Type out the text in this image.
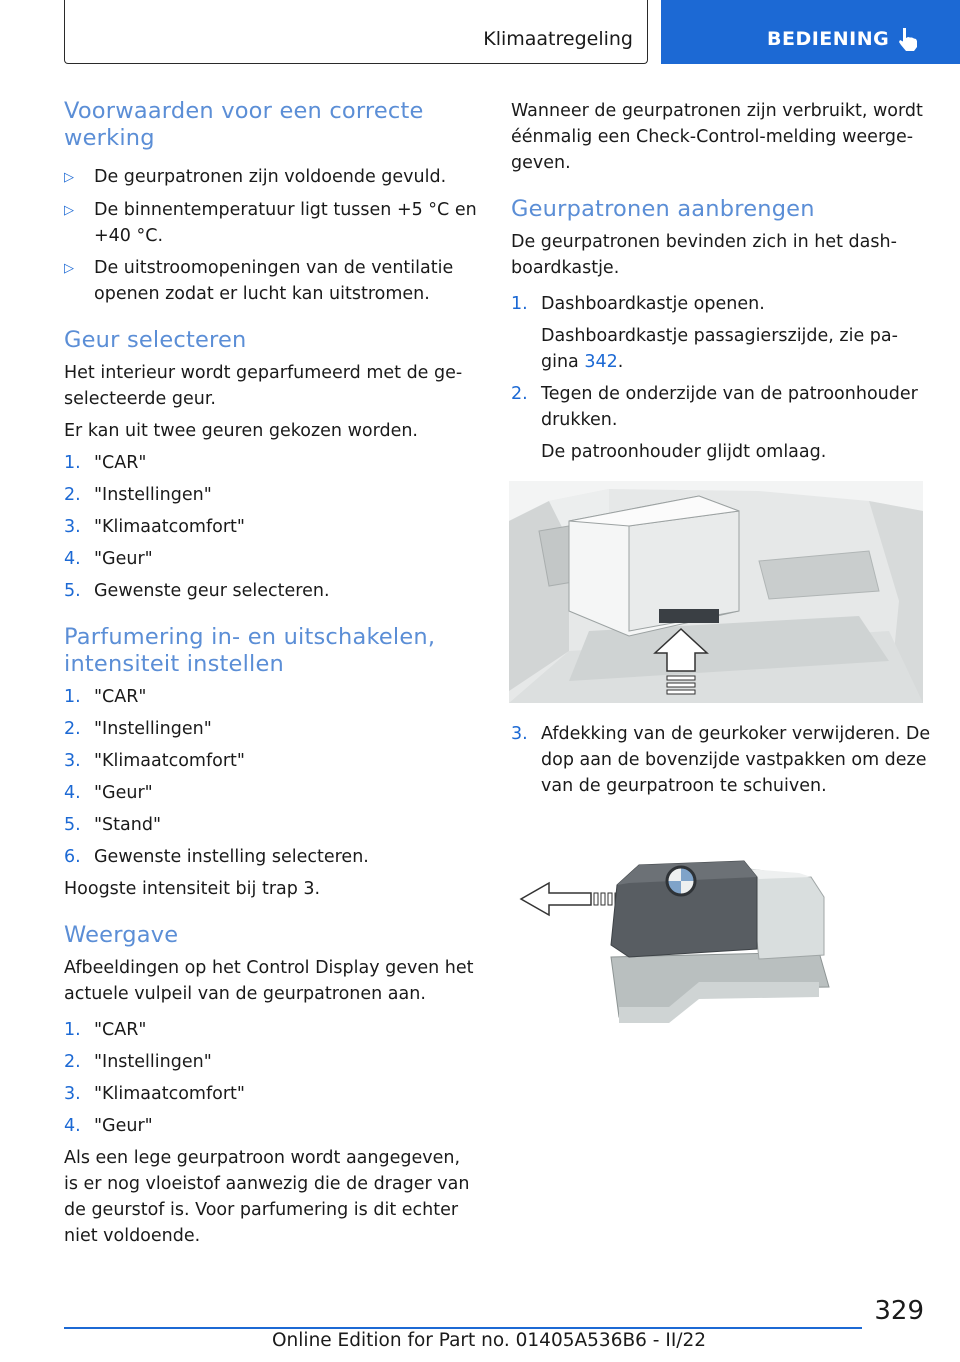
Klimaatregeling	BEDIENING
Voorwaarden voor een correcte werking
▷	De geurpatronen zijn voldoende gevuld.
▷	De binnentemperatuur ligt tussen +5 °C en +40 °C.
▷	De uitstroomopeningen van de ventilatie openen zodat er lucht kan uitstromen.
Geur selecteren

Het interieur wordt geparfumeerd met de ge-selecteerde geur.

Er kan uit twee geuren gekozen worden.

1. "CAR"
2. "Instellingen"
3. "Klimaatcomfort"
4. "Geur"
5. Gewenste geur selecteren.
Parfumering in- en uitschakelen, intensiteit instellen
1. "CAR"
2. "Instellingen"
3. "Klimaatcomfort"
4. "Geur"
5. "Stand"
6. Gewenste instelling selecteren.

Hoogste intensiteit bij trap 3.

Weergave

Afbeeldingen op het Control Display geven het actuele vulpeil van de geurpatronen aan.

1. "CAR"
2. "Instellingen"
3. "Klimaatcomfort"
4. "Geur"

Als een lege geurpatroon wordt aangegeven, is er nog vloeistof aanwezig die de drager van de geurstof is. Voor parfumering is dit echter niet voldoende.

Wanneer de geurpatronen zijn verbruikt, wordt éénmalig een Check-Control-melding weerge-geven.

Geurpatronen aanbrengen

De geurpatronen bevinden zich in het dash-boardkastje.

1. Dashboardkastje openen.
Dashboardkastje passagierszijde, zie pa-gina 342.
2. Tegen de onderzijde van de patroonhouder drukken.
De patroonhouder glijdt omlaag.
3. Afdekking van de geurkoker verwijderen. De dop aan de bovenzijde vastpakken om deze van de geurpatroon te schuiven.
329
Online Edition for Part no. 01405A536B6 - II/22
